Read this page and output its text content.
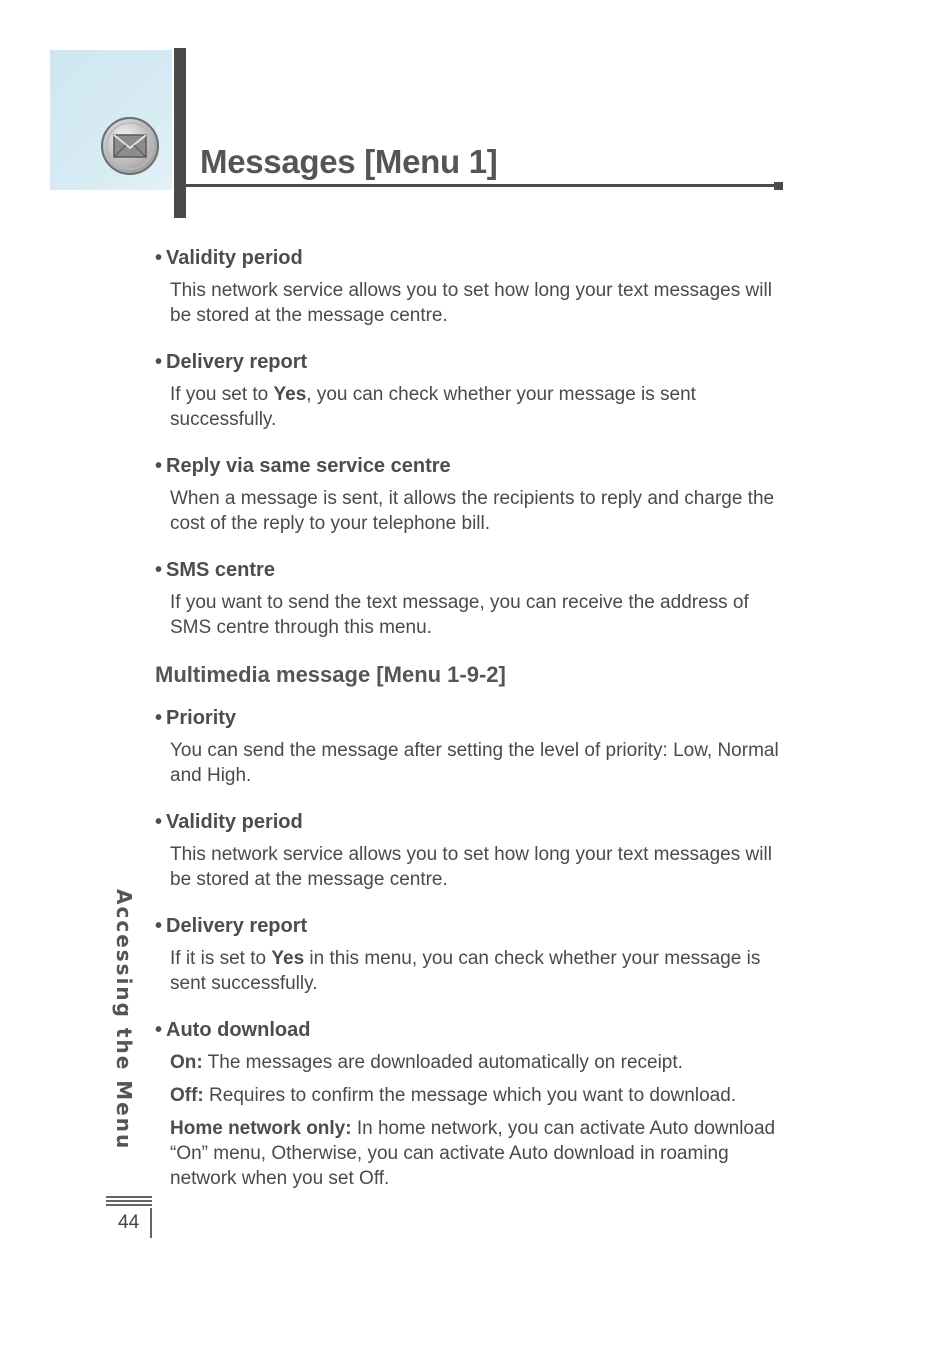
Messages [Menu 1]

• Validity period

This network service allows you to set how long your text messages will be stored at the message centre.

• Delivery report

If you set to Yes, you can check whether your message is sent successfully.

• Reply via same service centre

When a message is sent, it allows the recipients to reply and charge the cost of the reply to your telephone bill.

• SMS centre

If you want to send the text message, you can receive the address of SMS centre through this menu.

Multimedia message [Menu 1-9-2]

• Priority

You can send the message after setting the level of priority: Low, Normal and High.

• Validity period

This network service allows you to set how long your text messages will be stored at the message centre.

• Delivery report

If it is set to Yes in this menu, you can check whether your message is sent successfully.

• Auto download

On: The messages are downloaded automatically on receipt.

Off: Requires to confirm the message which you want to download.

Home network only: In home network, you can activate Auto download “On” menu, Otherwise, you can activate Auto download in roaming network when you set Off.

Accessing the Menu
44
